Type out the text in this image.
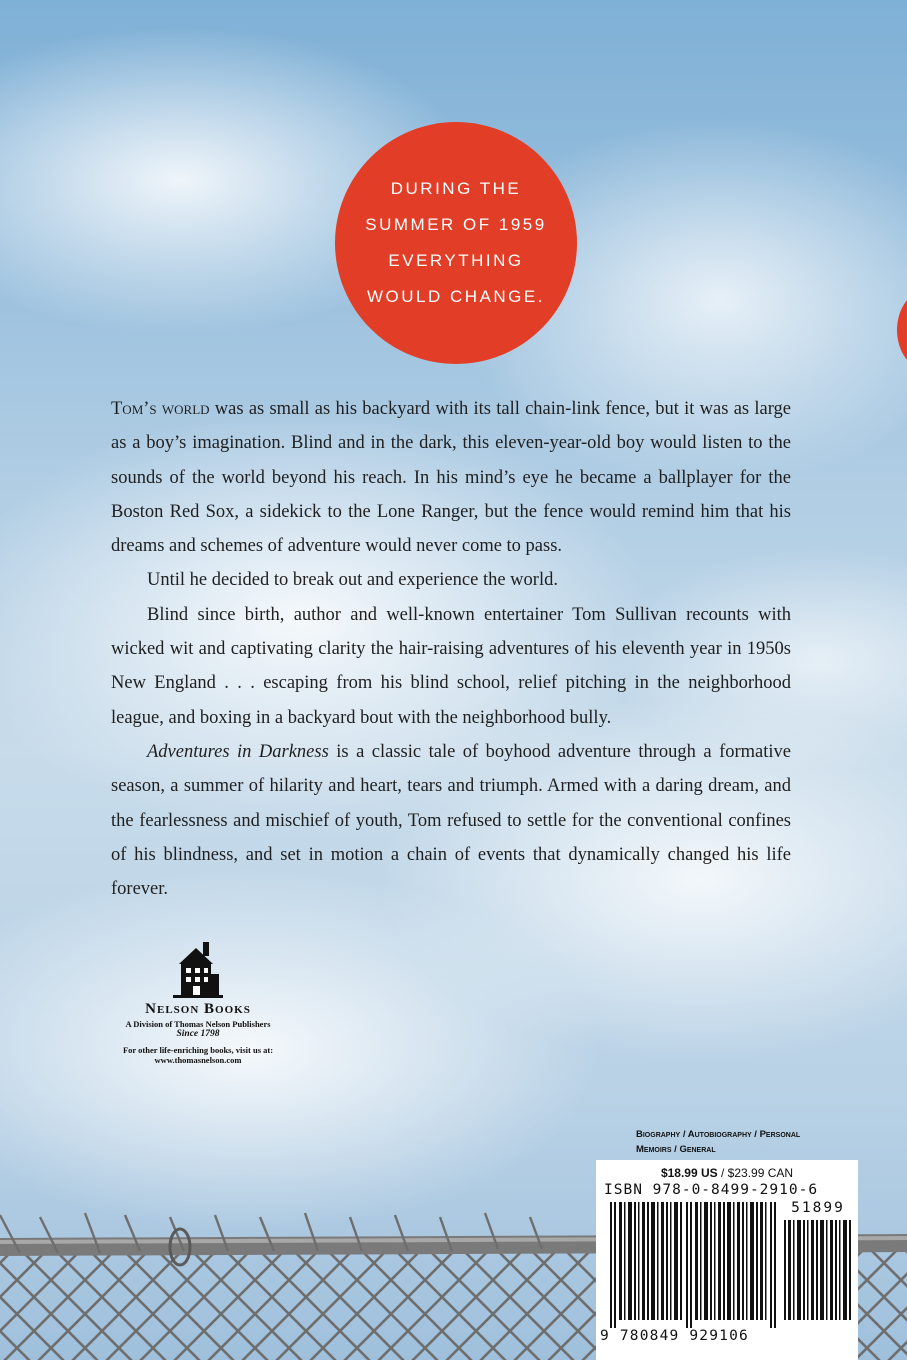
DURING THE
SUMMER OF 1959
EVERYTHING
WOULD CHANGE.

Tom’s world was as small as his backyard with its tall chain-link fence, but it was as large as a boy’s imagination. Blind and in the dark, this eleven-year-old boy would listen to the sounds of the world beyond his reach. In his mind’s eye he became a ballplayer for the Boston Red Sox, a sidekick to the Lone Ranger, but the fence would remind him that his dreams and schemes of adventure would never come to pass.

Until he decided to break out and experience the world.

Blind since birth, author and well-known entertainer Tom Sullivan recounts with wicked wit and captivating clarity the hair-raising adventures of his eleventh year in 1950s New England . . . escaping from his blind school, relief pitching in the neighborhood league, and boxing in a backyard bout with the neighborhood bully.

Adventures in Darkness is a classic tale of boyhood adventure through a formative season, a summer of hilarity and heart, tears and triumph. Armed with a daring dream, and the fearlessness and mischief of youth, Tom refused to settle for the conventional confines of his blindness, and set in motion a chain of events that dynamically changed his life forever.

Nelson Books
A Division of Thomas Nelson Publishers
Since 1798
For other life-enriching books, visit us at:
www.thomasnelson.com
Biography / Autobiography / Personal
Memoirs / General
$18.99 US / $23.99 CAN
ISBN 978-0-8499-2910-6
51899
9 780849 929106
